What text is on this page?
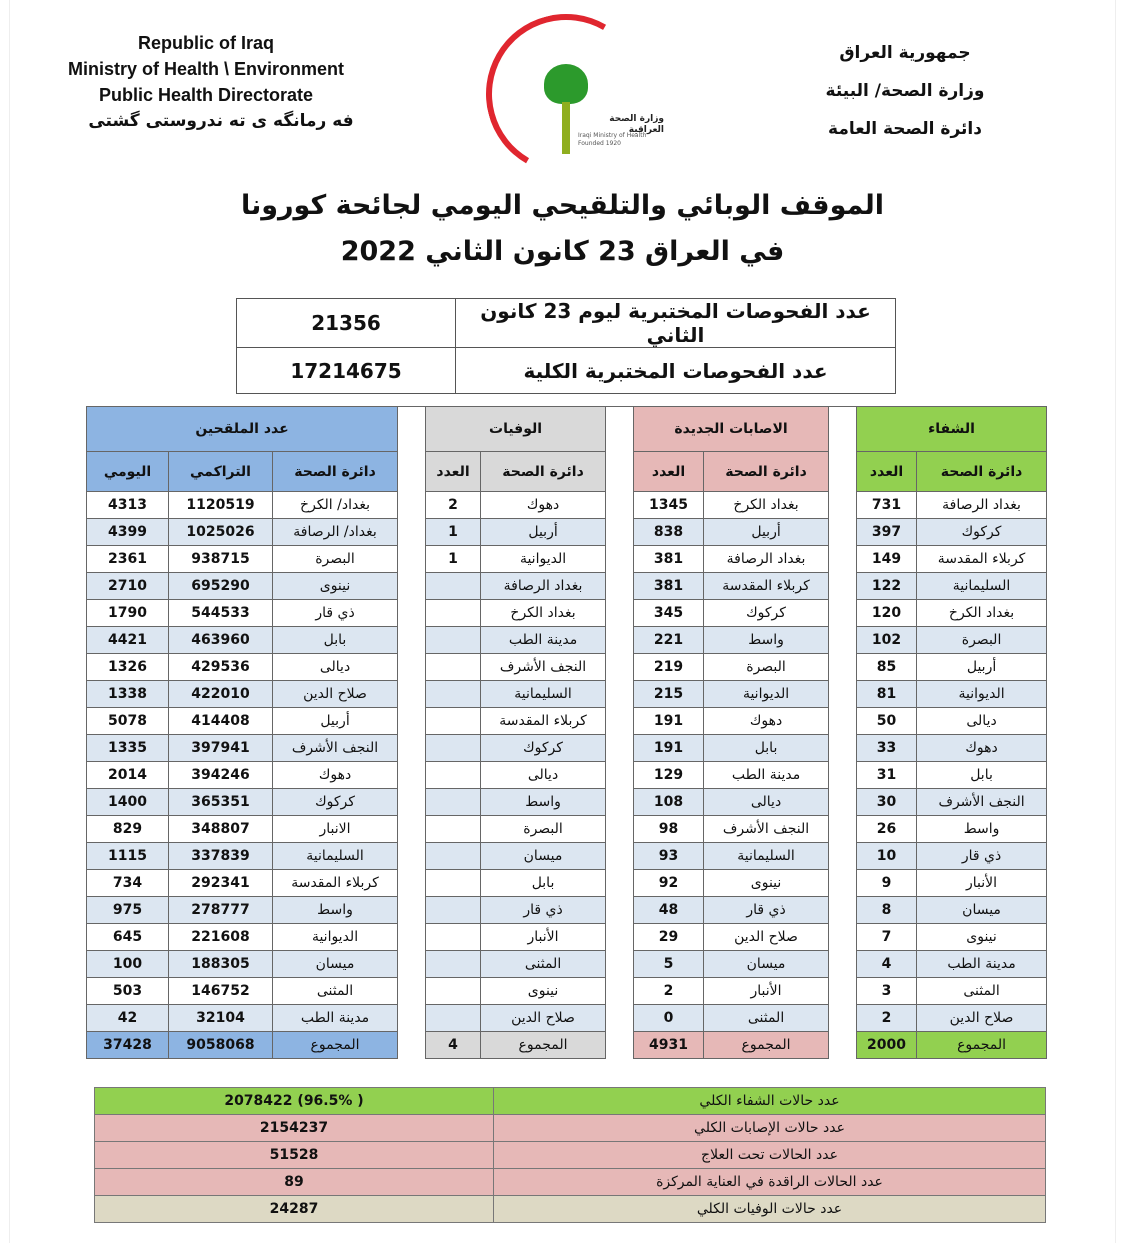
Republic of Iraq
Ministry of Health \ Environment
Public Health Directorate
فه رمانگه ی ته ندروستی گشتی	وزارة الصحة العراقية
Iraqi Ministry of Health
Founded 1920
جمهورية العراق
وزارة الصحة/ البيئة
دائرة الصحة العامة
الموقف الوبائي والتلقيحي اليومي لجائحة كورونا
في العراق 23 كانون الثاني 2022
عدد الفحوصات المختبرية ليوم 23 كانون الثاني	21356
عدد الفحوصات المختبرية الكلية	17214675
الشفاء			الاصابات الجديدة			الوفيات			عدد الملقحين		
دائرة الصحة	العدد		دائرة الصحة	العدد		دائرة الصحة	العدد		دائرة الصحة	التراكمي	اليومي
بغداد الرصافة	731		بغداد الكرخ	1345		دهوك	2		بغداد/ الكرخ	1120519	4313
كركوك	397		أربيل	838		أربيل	1		بغداد/ الرصافة	1025026	4399
كربلاء المقدسة	149		بغداد الرصافة	381		الديوانية	1		البصرة	938715	2361
السليمانية	122		كربلاء المقدسة	381		بغداد الرصافة			نينوى	695290	2710
بغداد الكرخ	120		كركوك	345		بغداد الكرخ			ذي قار	544533	1790
البصرة	102		واسط	221		مدينة الطب			بابل	463960	4421
أربيل	85		البصرة	219		النجف الأشرف			ديالى	429536	1326
الديوانية	81		الديوانية	215		السليمانية			صلاح الدين	422010	1338
ديالى	50		دهوك	191		كربلاء المقدسة			أربيل	414408	5078
دهوك	33		بابل	191		كركوك			النجف الأشرف	397941	1335
بابل	31		مدينة الطب	129		ديالى			دهوك	394246	2014
النجف الأشرف	30		ديالى	108		واسط			كركوك	365351	1400
واسط	26		النجف الأشرف	98		البصرة			الانبار	348807	829
ذي قار	10		السليمانية	93		ميسان			السليمانية	337839	1115
الأنبار	9		نينوى	92		بابل			كربلاء المقدسة	292341	734
ميسان	8		ذي قار	48		ذي قار			واسط	278777	975
نينوى	7		صلاح الدين	29		الأنبار			الديوانية	221608	645
مدينة الطب	4		ميسان	5		المثنى			ميسان	188305	100
المثنى	3		الأنبار	2		نينوى			المثنى	146752	503
صلاح الدين	2		المثنى	0		صلاح الدين			مدينة الطب	32104	42
المجموع	2000		المجموع	4931		المجموع	4		المجموع	9058068	37428
عدد حالات الشفاء الكلي	( 96.5%) 2078422
عدد حالات الإصابات الكلي	2154237
عدد الحالات تحت العلاج	51528
عدد الحالات الراقدة في العناية المركزة	89
عدد حالات الوفيات الكلي	24287
